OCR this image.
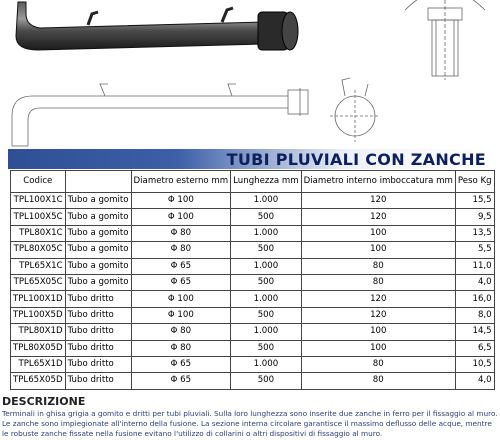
TUBI PLUVIALI CON ZANCHE
Codice		Diametro esterno mm	Lunghezza mm	Diametro interno imboccatura mm	Peso Kg
TPL100X1C	Tubo a gomito	Φ 100	1.000	120	15,5
TPL100X5C	Tubo a gomito	Φ 100	500	120	9,5
TPL80X1C	Tubo a gomito	Φ 80	1.000	100	13,5
TPL80X05C	Tubo a gomito	Φ 80	500	100	5,5
TPL65X1C	Tubo a gomito	Φ 65	1.000	80	11,0
TPL65X05C	Tubo a gomito	Φ 65	500	80	4,0
TPL100X1D	Tubo dritto	Φ 100	1.000	120	16,0
TPL100X5D	Tubo dritto	Φ 100	500	120	8,0
TPL80X1D	Tubo dritto	Φ 80	1.000	100	14,5
TPL80X05D	Tubo dritto	Φ 80	500	100	6,5
TPL65X1D	Tubo dritto	Φ 65	1.000	80	10,5
TPL65X05D	Tubo dritto	Φ 65	500	80	4,0
DESCRIZIONE
Terminali in ghisa grigia a gomito e dritti per tubi pluviali. Sulla loro lunghezza sono inserite due zanche in ferro per il fissaggio al muro. Le zanche sono impiegionate all'interno della fusione. La sezione interna circolare garantisce il massimo deflusso delle acque, mentre le robuste zanche fissate nella fusione evitano l'utilizzo di collarini o altri dispositivi di fissaggio al muro.
